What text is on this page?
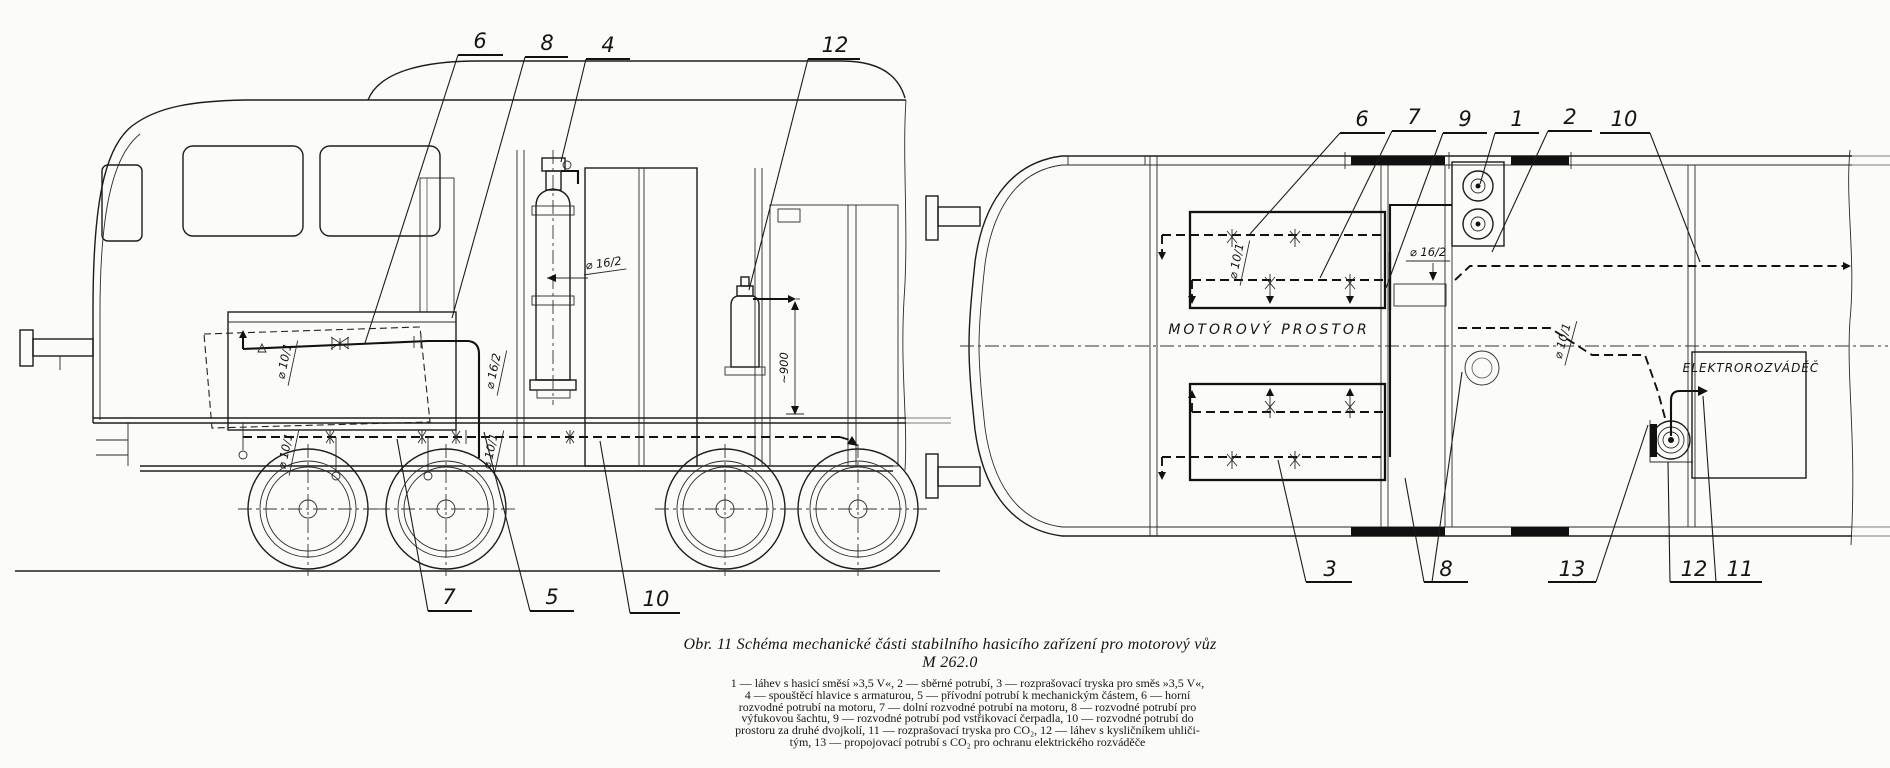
~900
⌀ 10/1	⌀ 16/2
⌀ 16/2
⌀ 10/1	⌀ 10/1
6	8 4	12
7	5	10
ELEKTROROZVÁDĚČ
MOTOROVÝ PROSTOR
⌀ 10/1	⌀ 16/2
⌀ 10/1
6 7 9 1 2 10
3	8	13	12 11
Obr. 11 Schéma mechanické části stabilního hasicího zařízení pro motorový vůz
M 262.0
1 — láhev s hasicí směsí »3,5 V«, 2 — sběrné potrubí, 3 — rozprašovací tryska pro směs »3,5 V«,
4 — spouštěcí hlavice s armaturou, 5 — přívodní potrubí k mechanickým částem, 6 — horní
rozvodné potrubí na motoru, 7 — dolní rozvodné potrubí na motoru, 8 — rozvodné potrubí pro
výfukovou šachtu, 9 — rozvodné potrubí pod vstřikovací čerpadla, 10 — rozvodné potrubí do
prostoru za druhé dvojkolí, 11 — rozprašovací tryska pro CO₂, 12 — láhev s kysličníkem uhliči-
tým, 13 — propojovací potrubí s CO₂ pro ochranu elektrického rozváděče
